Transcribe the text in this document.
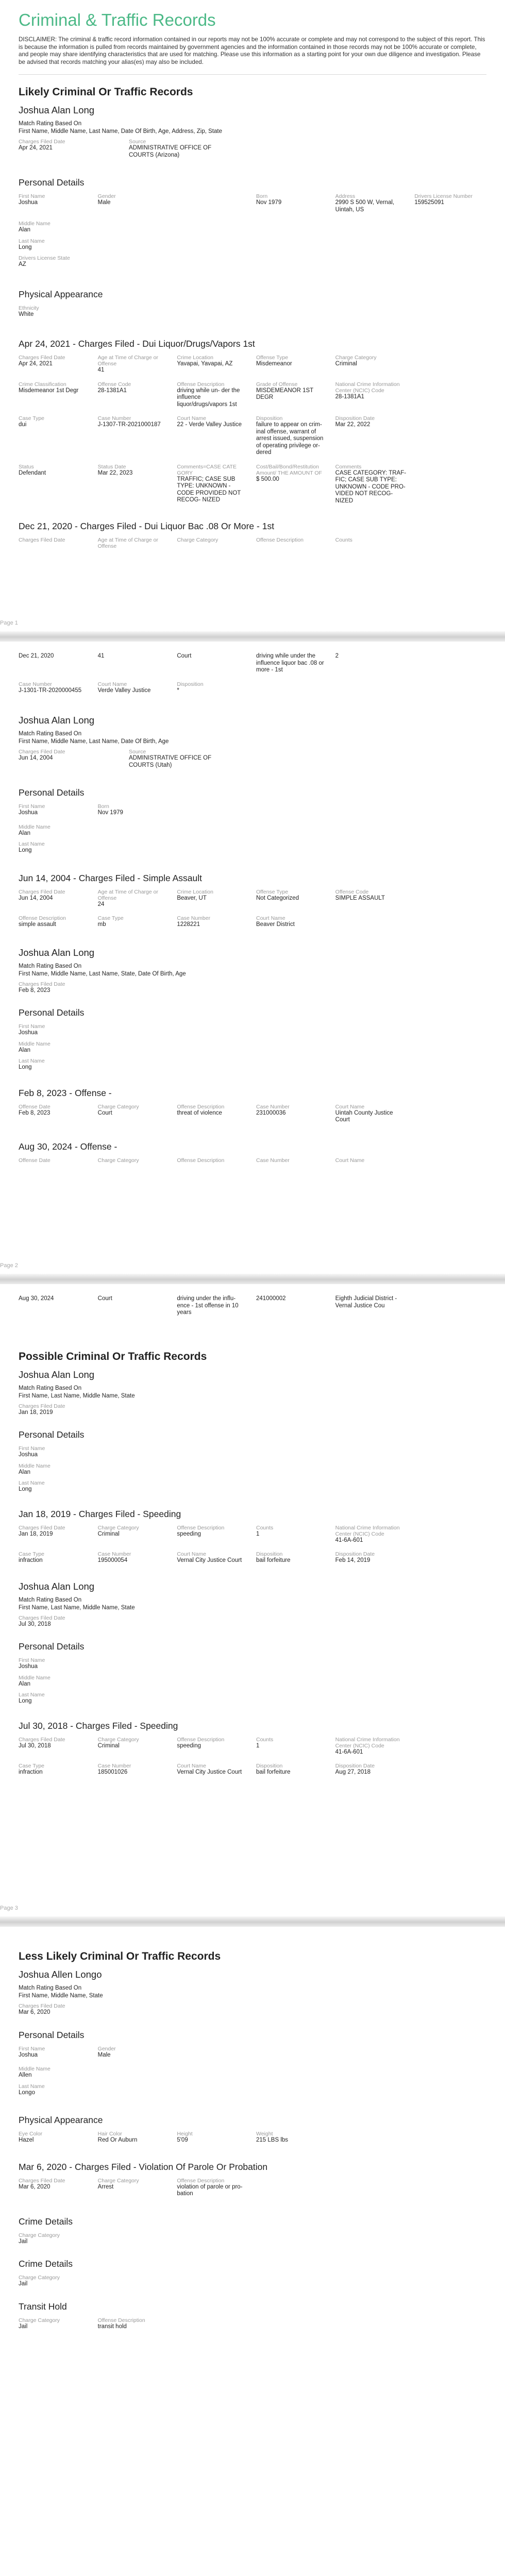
Criminal & Traffic Records

DISCLAIMER: The criminal & traffic record information contained in our reports may not be 100% accurate or complete and may not correspond to the subject of this report. This is because the information is pulled from records maintained by government agencies and the information contained in those records may not be 100% accurate or complete, and people may share identifying characteristics that are used for matching. Please use this information as a starting point for your own due diligence and investigation. Please be advised that records matching your alias(es) may also be included.

Likely Criminal Or Traffic Records
Joshua Alan Long
Match Rating Based On
First Name, Middle Name, Last Name, Date Of Birth, Age, Address, Zip, State
Charges Filed Date
Apr 24, 2021
Source
ADMINISTRATIVE OFFICE OF COURTS (Arizona)
Personal Details
First Name
Joshua
Gender
Male
Born
Nov 1979
Address
2990 S 500 W, Vernal, Uintah, US
Drivers License Number
159525091
Middle Name
Alan
Last Name
Long
Drivers License State
AZ
Physical Appearance
Ethnicity
White
Apr 24, 2021 - Charges Filed - Dui Liquor/Drugs/Vapors 1st
Charges Filed Date
Apr 24, 2021
Age at Time of Charge or Offense
41
Crime Location
Yavapai, Yavapai, AZ
Offense Type
Misdemeanor
Charge Category
Criminal
Crime Classification
Misdemeanor 1st Degr
Offense Code
28-1381A1
Offense Description
driving while un- der the influence liquor/drugs/vapors 1st
Grade of Offense
MISDEMEANOR 1ST DEGR
National Crime Information Center (NCIC) Code
28-1381A1
Case Type
dui
Case Number
J-1307-TR-2021000187
Court Name
22 - Verde Valley Justice
Disposition
failure to appear on crim- inal offense, warrant of arrest issued, suspension of operating privilege or- dered
Disposition Date
Mar 22, 2022
Status
Defendant
Status Date
Mar 22, 2023
Comments=CASE CATE GORY
TRAFFIC; CASE SUB TYPE: UNKNOWN - CODE PROVIDED NOT RECOG- NIZED
Cost/Bail/Bond/Restitution Amount/ THE AMOUNT OF
$ 500.00
Comments
CASE CATEGORY: TRAF- FIC; CASE SUB TYPE: UNKNOWN - CODE PRO- VIDED NOT RECOG- NIZED
Dec 21, 2020 - Charges Filed - Dui Liquor Bac .08 Or More - 1st
Charges Filed Date	Age at Time of Charge or Offense
Charge Category	Offense Description	Counts
Page 1
Dec 21, 2020	41	Court	driving while under the influence liquor bac .08 or more - 1st
2
Case Number
J-1301-TR-2020000455
Court Name
Verde Valley Justice
Disposition
*
Joshua Alan Long
Match Rating Based On
First Name, Middle Name, Last Name, Date Of Birth, Age
Charges Filed Date
Jun 14, 2004
Source
ADMINISTRATIVE OFFICE OF COURTS (Utah)
Personal Details
First Name
Joshua
Born
Nov 1979
Middle Name
Alan
Last Name
Long
Jun 14, 2004 - Charges Filed - Simple Assault
Charges Filed Date
Jun 14, 2004
Age at Time of Charge or Offense
24
Crime Location
Beaver, UT
Offense Type
Not Categorized
Offense Code
SIMPLE ASSAULT
Offense Description
simple assault
Case Type
mb
Case Number
1228221
Court Name
Beaver District
Joshua Alan Long
Match Rating Based On
First Name, Middle Name, Last Name, State, Date Of Birth, Age
Charges Filed Date
Feb 8, 2023
Personal Details
First Name
Joshua
Middle Name
Alan
Last Name
Long
Feb 8, 2023 - Offense -
Offense Date
Feb 8, 2023
Charge Category
Court
Offense Description
threat of violence
Case Number
231000036
Court Name
Uintah County Justice Court
Aug 30, 2024 - Offense -
Offense Date	Charge Category	Offense Description	Case Number	Court Name
Page 2
Aug 30, 2024	Court	driving under the influ- ence - 1st offense in 10 years
241000002	Eighth Judicial District - Vernal Justice Cou
Possible Criminal Or Traffic Records
Joshua Alan Long
Match Rating Based On
First Name, Last Name, Middle Name, State
Charges Filed Date
Jan 18, 2019
Personal Details
First Name
Joshua
Middle Name
Alan
Last Name
Long
Jan 18, 2019 - Charges Filed - Speeding
Charges Filed Date
Jan 18, 2019
Charge Category
Criminal
Offense Description
speeding
Counts
1
National Crime Information Center (NCIC) Code
41-6A-601
Case Type
infraction
Case Number
195000054
Court Name
Vernal City Justice Court
Disposition
bail forfeiture
Disposition Date
Feb 14, 2019
Joshua Alan Long
Match Rating Based On
First Name, Last Name, Middle Name, State
Charges Filed Date
Jul 30, 2018
Personal Details
First Name
Joshua
Middle Name
Alan
Last Name
Long
Jul 30, 2018 - Charges Filed - Speeding
Charges Filed Date
Jul 30, 2018
Charge Category
Criminal
Offense Description
speeding
Counts
1
National Crime Information Center (NCIC) Code
41-6A-601
Case Type
infraction
Case Number
185001026
Court Name
Vernal City Justice Court
Disposition
bail forfeiture
Disposition Date
Aug 27, 2018
Page 3
Less Likely Criminal Or Traffic Records
Joshua Allen Longo
Match Rating Based On
First Name, Middle Name, State
Charges Filed Date
Mar 6, 2020
Personal Details
First Name
Joshua
Gender
Male
Middle Name
Allen
Last Name
Longo
Physical Appearance
Eye Color
Hazel
Hair Color
Red Or Auburn
Height
5'09
Weight
215 LBS lbs
Mar 6, 2020 - Charges Filed - Violation Of Parole Or Probation
Charges Filed Date
Mar 6, 2020
Charge Category
Arrest
Offense Description
violation of parole or pro- bation
Crime Details
Charge Category
Jail
Crime Details
Charge Category
Jail
Transit Hold
Charge Category
Jail
Offense Description
transit hold
